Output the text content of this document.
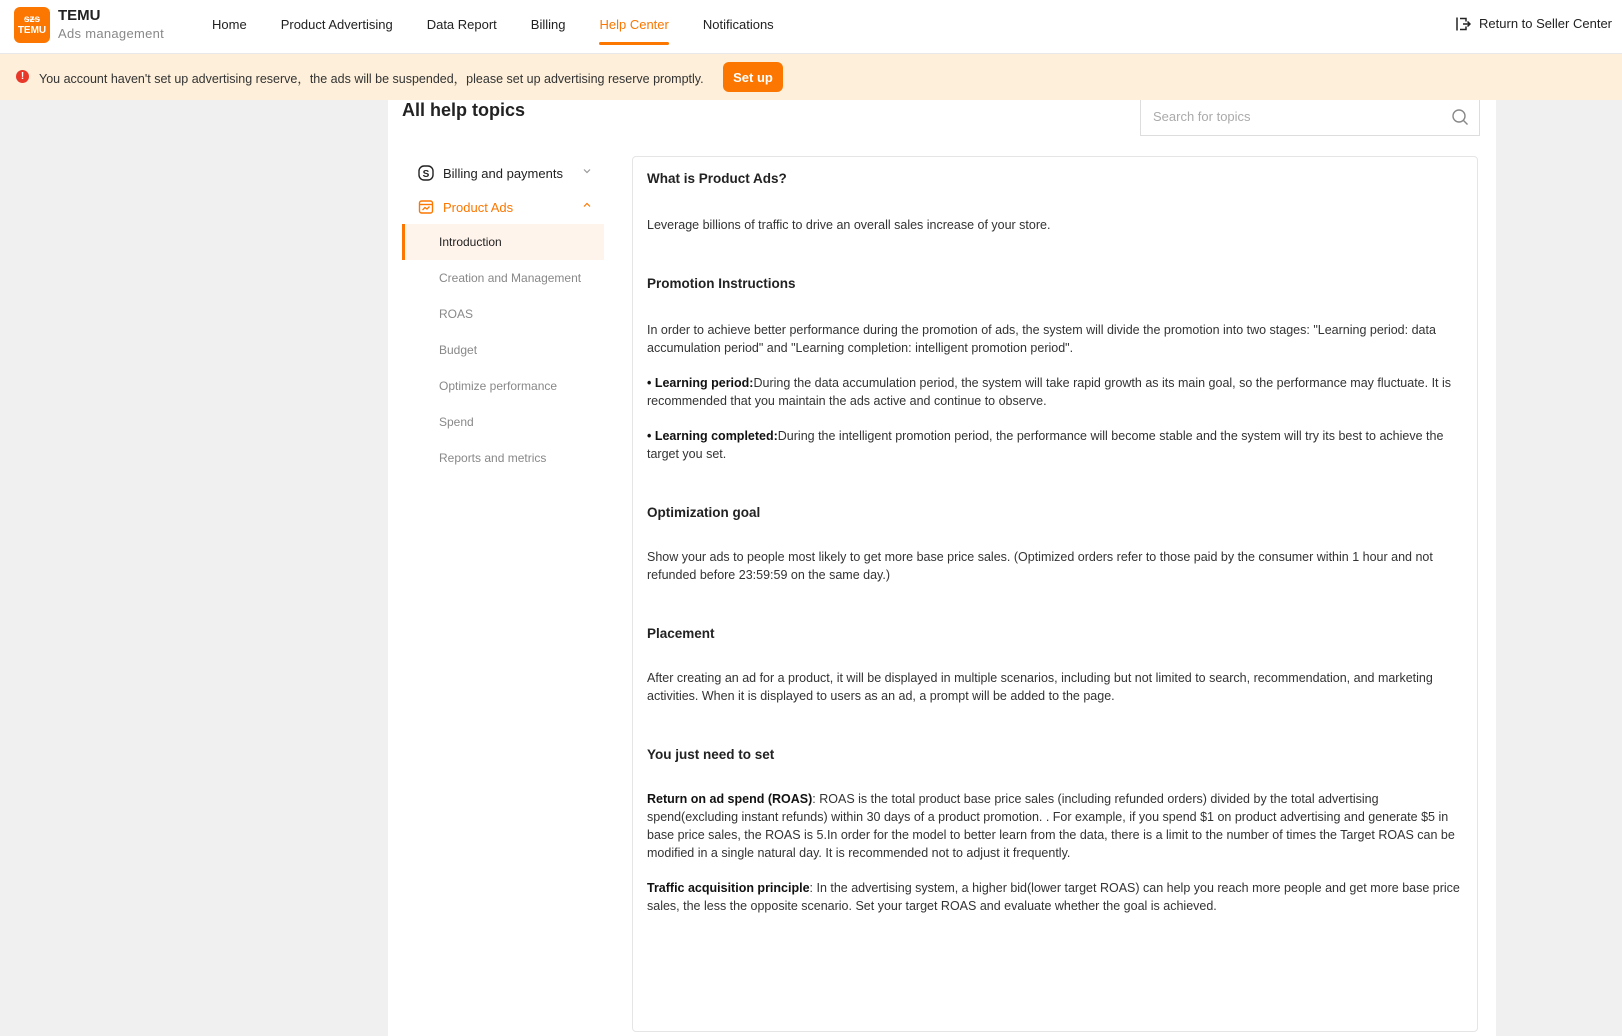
ᵴᵶᵴ
TEMU
TEMU
Ads management
Home	Product Advertising	Data Report	Billing	Help Center	Notifications	Return to Seller Center
!	You account haven't set up advertising reserve，the ads will be suspended，please set up advertising reserve promptly.	Set up
All help topics
Search for topics
S Billing and payments
Product Ads
Introduction
Creation and Management
ROAS
Budget
Optimize performance
Spend
Reports and metrics
What is Product Ads?

Leverage billions of traffic to drive an overall sales increase of your store.

Promotion Instructions

In order to achieve better performance during the promotion of ads, the system will divide the promotion into two stages: "Learning period: data accumulation period" and "Learning completion: intelligent promotion period".

• Learning period:During the data accumulation period, the system will take rapid growth as its main goal, so the performance may fluctuate. It is recommended that you maintain the ads active and continue to observe.

• Learning completed:During the intelligent promotion period, the performance will become stable and the system will try its best to achieve the target you set.

Optimization goal

Show your ads to people most likely to get more base price sales. (Optimized orders refer to those paid by the consumer within 1 hour and not refunded before 23:59:59 on the same day.)

Placement

After creating an ad for a product, it will be displayed in multiple scenarios, including but not limited to search, recommendation, and marketing activities. When it is displayed to users as an ad, a prompt will be added to the page.

You just need to set

Return on ad spend (ROAS): ROAS is the total product base price sales (including refunded orders) divided by the total advertising spend(excluding instant refunds) within 30 days of a product promotion. . For example, if you spend $1 on product advertising and generate $5 in base price sales, the ROAS is 5.In order for the model to better learn from the data, there is a limit to the number of times the Target ROAS can be modified in a single natural day. It is recommended not to adjust it frequently.

Traffic acquisition principle: In the advertising system, a higher bid(lower target ROAS) can help you reach more people and get more base price sales, the less the opposite scenario. Set your target ROAS and evaluate whether the goal is achieved.
